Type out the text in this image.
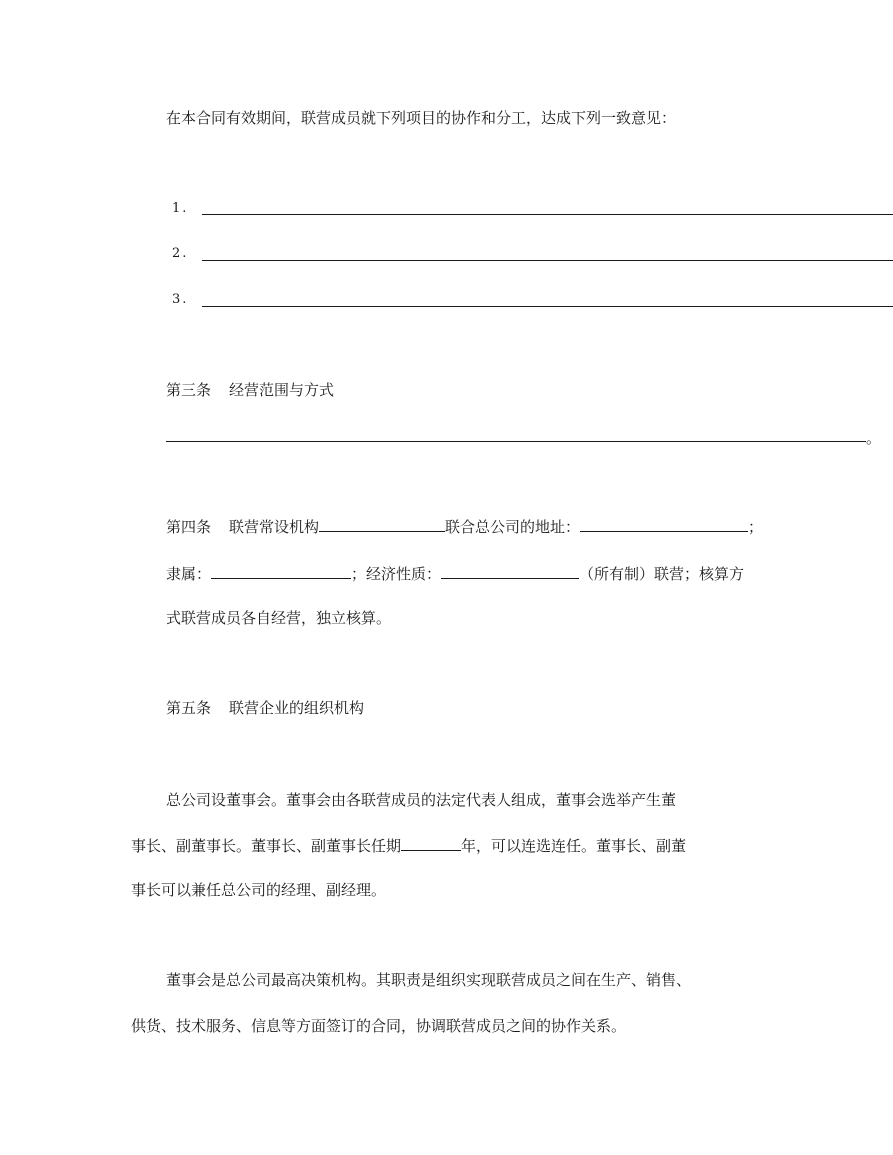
在本合同有效期间，联营成员就下列项目的协作和分工，达成下列一致意见：
1.
2.
3.
第三条 经营范围与方式
。
第四条 联营常设机构	联合总公司的地址：	；
隶属：	；经济性质：	（所有制）联营；核算方
式联营成员各自经营，独立核算。
第五条 联营企业的组织机构
总公司设董事会。董事会由各联营成员的法定代表人组成，董事会选举产生董
事长、副董事长。董事长、副董事长任期	年，可以连选连任。董事长、副董
事长可以兼任总公司的经理、副经理。
董事会是总公司最高决策机构。其职责是组织实现联营成员之间在生产、销售、
供货、技术服务、信息等方面签订的合同，协调联营成员之间的协作关系。
